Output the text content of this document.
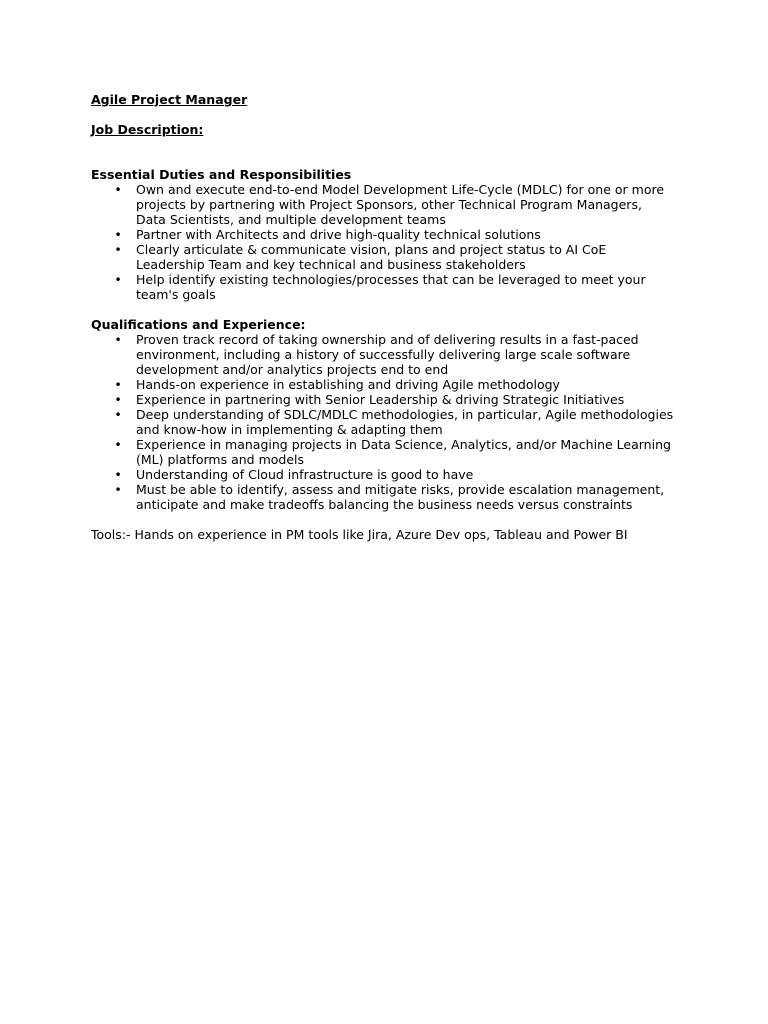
Agile Project Manager

Job Description:

Essential Duties and Responsibilities

• Own and execute end-to-end Model Development Life-Cycle (MDLC) for one or more
projects by partnering with Project Sponsors, other Technical Program Managers,
Data Scientists, and multiple development teams
• Partner with Architects and drive high-quality technical solutions
• Clearly articulate & communicate vision, plans and project status to AI CoE
Leadership Team and key technical and business stakeholders
• Help identify existing technologies/processes that can be leveraged to meet your
team's goals

Qualifications and Experience:

• Proven track record of taking ownership and of delivering results in a fast-paced
environment, including a history of successfully delivering large scale software
development and/or analytics projects end to end
• Hands-on experience in establishing and driving Agile methodology
• Experience in partnering with Senior Leadership & driving Strategic Initiatives
• Deep understanding of SDLC/MDLC methodologies, in particular, Agile methodologies
and know-how in implementing & adapting them
• Experience in managing projects in Data Science, Analytics, and/or Machine Learning
(ML) platforms and models
• Understanding of Cloud infrastructure is good to have
• Must be able to identify, assess and mitigate risks, provide escalation management,
anticipate and make tradeoffs balancing the business needs versus constraints

Tools:- Hands on experience in PM tools like Jira, Azure Dev ops, Tableau and Power BI
